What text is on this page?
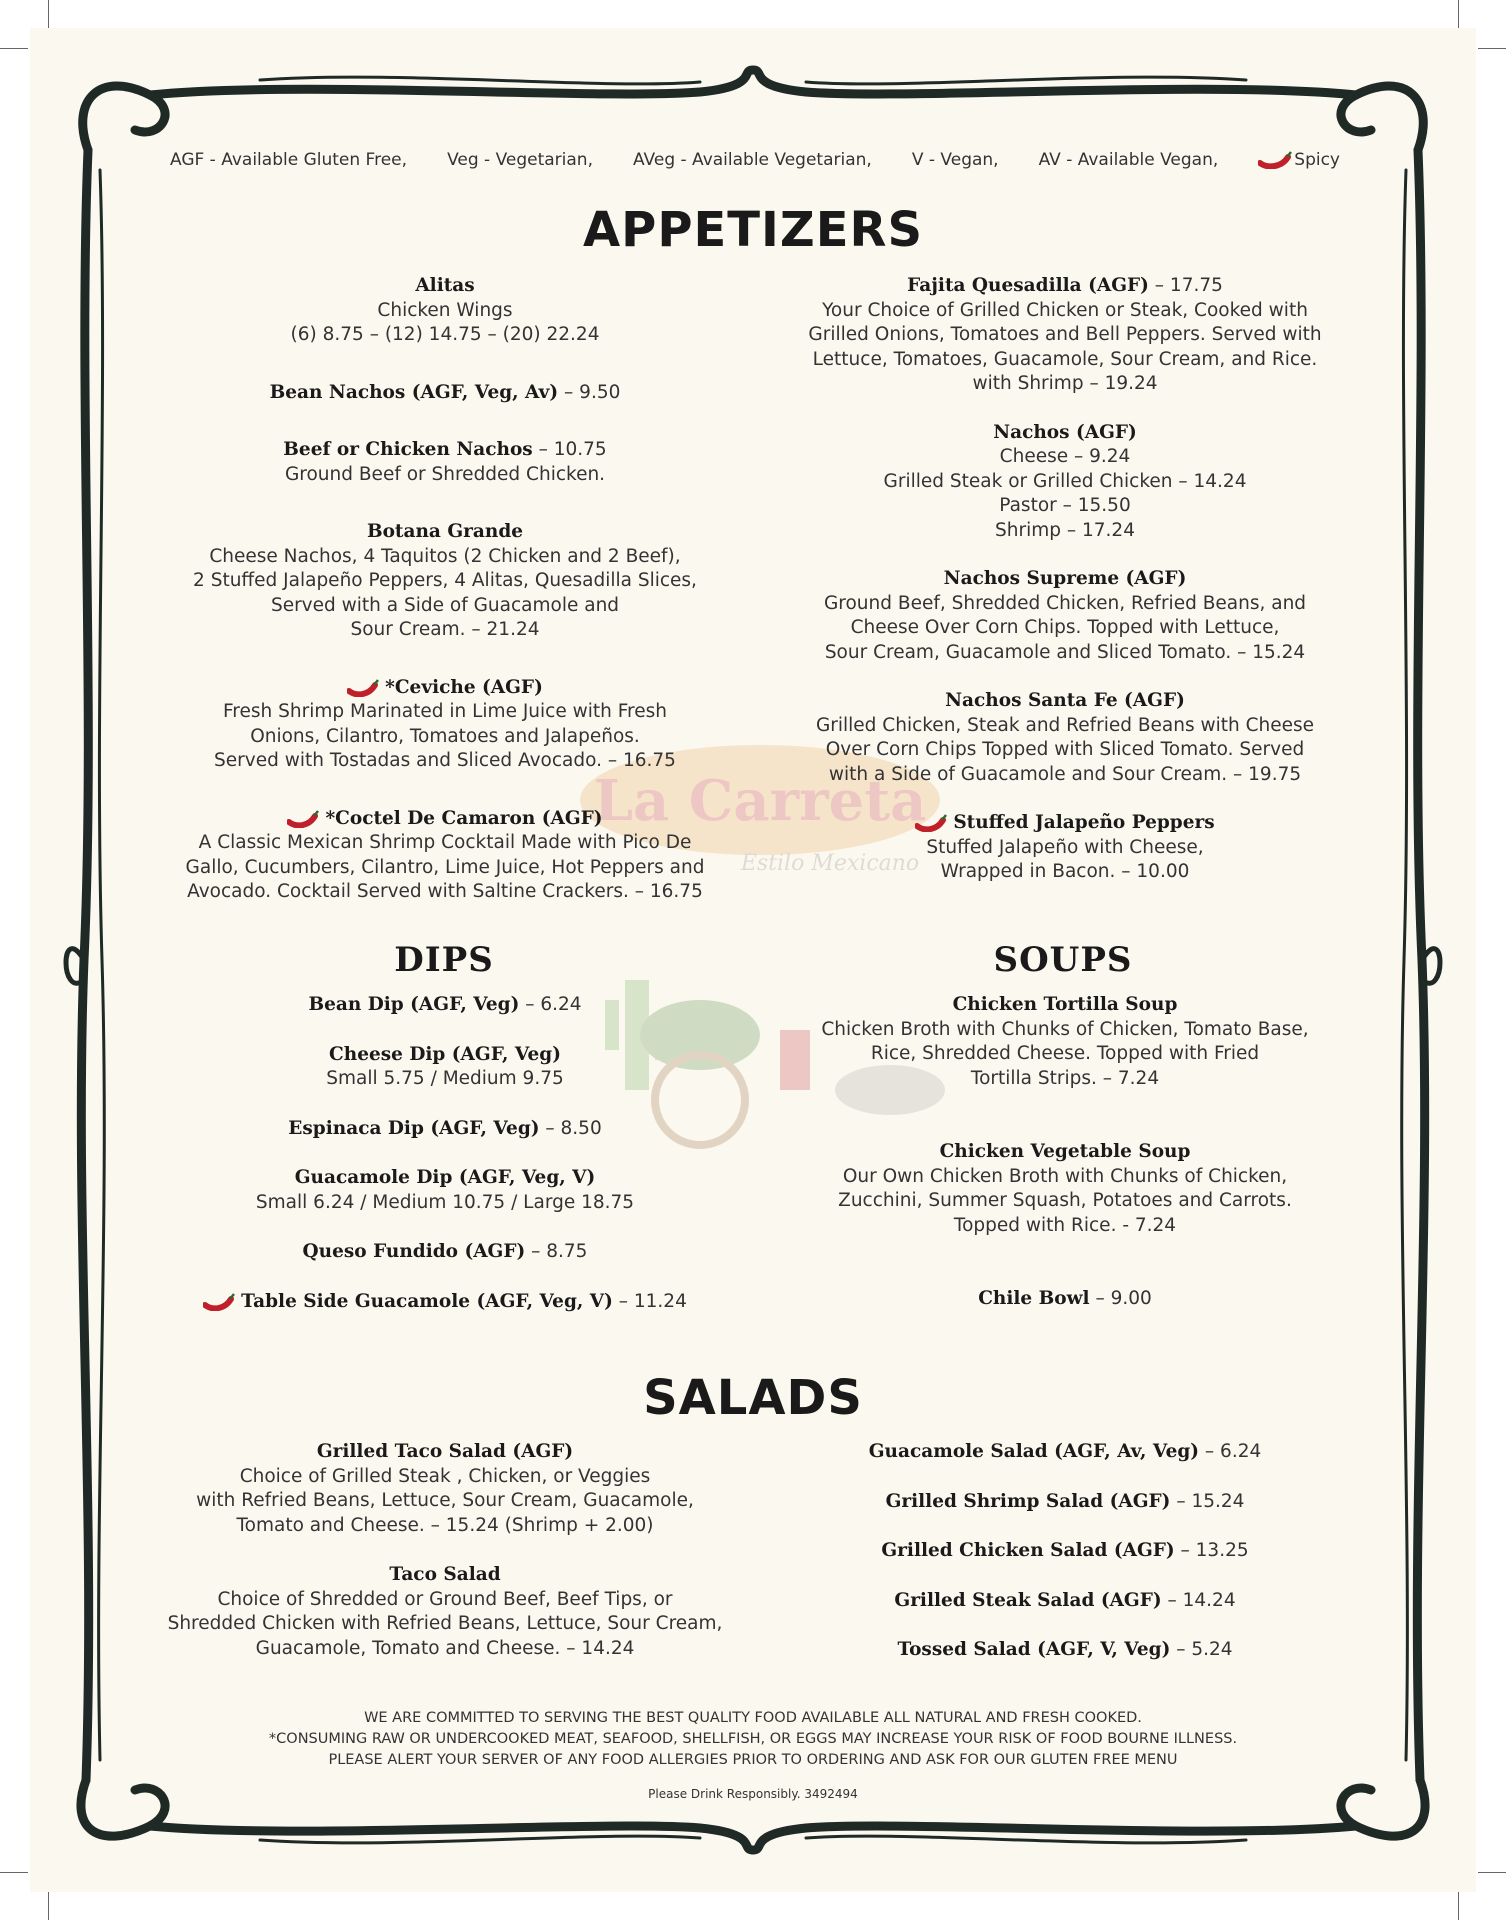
La Carreta
Estilo Mexicano
AGF - Available Gluten Free, Veg - Vegetarian, AVeg - Available Vegetarian, V - Vegan, AV - Available Vegan,	Spicy
APPETIZERS
DIPS	SOUPS
SALADS
Alitas
Chicken Wings
(6) 8.75 – (12) 14.75 – (20) 22.24
Bean Nachos (AGF, Veg, Av) – 9.50
Beef or Chicken Nachos – 10.75
Ground Beef or Shredded Chicken.
Botana Grande
Cheese Nachos, 4 Taquitos (2 Chicken and 2 Beef),
2 Stuffed Jalapeño Peppers, 4 Alitas, Quesadilla Slices,
Served with a Side of Guacamole and
Sour Cream. – 21.24
*Ceviche (AGF)
Fresh Shrimp Marinated in Lime Juice with Fresh
Onions, Cilantro, Tomatoes and Jalapeños.
Served with Tostadas and Sliced Avocado. – 16.75
*Coctel De Camaron (AGF)
A Classic Mexican Shrimp Cocktail Made with Pico De
Gallo, Cucumbers, Cilantro, Lime Juice, Hot Peppers and
Avocado. Cocktail Served with Saltine Crackers. – 16.75
Fajita Quesadilla (AGF) – 17.75
Your Choice of Grilled Chicken or Steak, Cooked with
Grilled Onions, Tomatoes and Bell Peppers. Served with
Lettuce, Tomatoes, Guacamole, Sour Cream, and Rice.
with Shrimp – 19.24
Nachos (AGF)
Cheese – 9.24
Grilled Steak or Grilled Chicken – 14.24
Pastor – 15.50
Shrimp – 17.24
Nachos Supreme (AGF)
Ground Beef, Shredded Chicken, Refried Beans, and
Cheese Over Corn Chips. Topped with Lettuce,
Sour Cream, Guacamole and Sliced Tomato. – 15.24
Nachos Santa Fe (AGF)
Grilled Chicken, Steak and Refried Beans with Cheese
Over Corn Chips Topped with Sliced Tomato. Served
with a Side of Guacamole and Sour Cream. – 19.75
Stuffed Jalapeño Peppers
Stuffed Jalapeño with Cheese,
Wrapped in Bacon. – 10.00
Bean Dip (AGF, Veg) – 6.24
Cheese Dip (AGF, Veg)
Small 5.75 / Medium 9.75
Espinaca Dip (AGF, Veg) – 8.50
Guacamole Dip (AGF, Veg, V)
Small 6.24 / Medium 10.75 / Large 18.75
Queso Fundido (AGF) – 8.75
Table Side Guacamole (AGF, Veg, V) – 11.24
Chicken Tortilla Soup
Chicken Broth with Chunks of Chicken, Tomato Base,
Rice, Shredded Cheese. Topped with Fried
Tortilla Strips. – 7.24
Chicken Vegetable Soup
Our Own Chicken Broth with Chunks of Chicken,
Zucchini, Summer Squash, Potatoes and Carrots.
Topped with Rice. - 7.24
Chile Bowl – 9.00
Grilled Taco Salad (AGF)
Choice of Grilled Steak , Chicken, or Veggies
with Refried Beans, Lettuce, Sour Cream, Guacamole,
Tomato and Cheese. – 15.24 (Shrimp + 2.00)
Taco Salad
Choice of Shredded or Ground Beef, Beef Tips, or
Shredded Chicken with Refried Beans, Lettuce, Sour Cream,
Guacamole, Tomato and Cheese. – 14.24
Guacamole Salad (AGF, Av, Veg) – 6.24
Grilled Shrimp Salad (AGF) – 15.24
Grilled Chicken Salad (AGF) – 13.25
Grilled Steak Salad (AGF) – 14.24
Tossed Salad (AGF, V, Veg) – 5.24
WE ARE COMMITTED TO SERVING THE BEST QUALITY FOOD AVAILABLE ALL NATURAL AND FRESH COOKED.
*CONSUMING RAW OR UNDERCOOKED MEAT, SEAFOOD, SHELLFISH, OR EGGS MAY INCREASE YOUR RISK OF FOOD BOURNE ILLNESS.
PLEASE ALERT YOUR SERVER OF ANY FOOD ALLERGIES PRIOR TO ORDERING AND ASK FOR OUR GLUTEN FREE MENU
Please Drink Responsibly. 3492494
